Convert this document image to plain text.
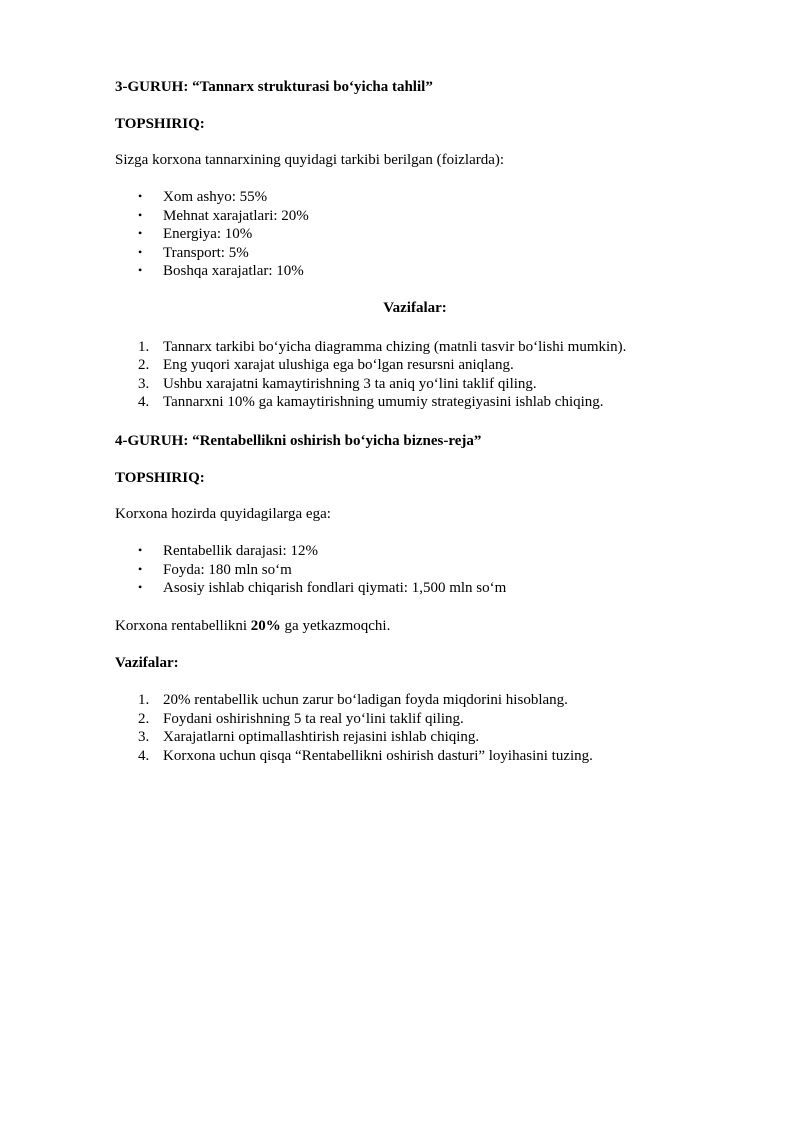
3-GURUH: “Tannarx strukturasi bo‘yicha tahlil”
TOPSHIRIQ:
Sizga korxona tannarxining quyidagi tarkibi berilgan (foizlarda):
• Xom ashyo: 55%
• Mehnat xarajatlari: 20%
• Energiya: 10%
• Transport: 5%
• Boshqa xarajatlar: 10%
Vazifalar:
1. Tannarx tarkibi bo‘yicha diagramma chizing (matnli tasvir bo‘lishi mumkin).
2. Eng yuqori xarajat ulushiga ega bo‘lgan resursni aniqlang.
3. Ushbu xarajatni kamaytirishning 3 ta aniq yo‘lini taklif qiling.
4. Tannarxni 10% ga kamaytirishning umumiy strategiyasini ishlab chiqing.
4-GURUH: “Rentabellikni oshirish bo‘yicha biznes-reja”
TOPSHIRIQ:
Korxona hozirda quyidagilarga ega:
• Rentabellik darajasi: 12%
• Foyda: 180 mln so‘m
• Asosiy ishlab chiqarish fondlari qiymati: 1,500 mln so‘m
Korxona rentabellikni 20% ga yetkazmoqchi.
Vazifalar:
1. 20% rentabellik uchun zarur bo‘ladigan foyda miqdorini hisoblang.
2. Foydani oshirishning 5 ta real yo‘lini taklif qiling.
3. Xarajatlarni optimallashtirish rejasini ishlab chiqing.
4. Korxona uchun qisqa “Rentabellikni oshirish dasturi” loyihasini tuzing.
